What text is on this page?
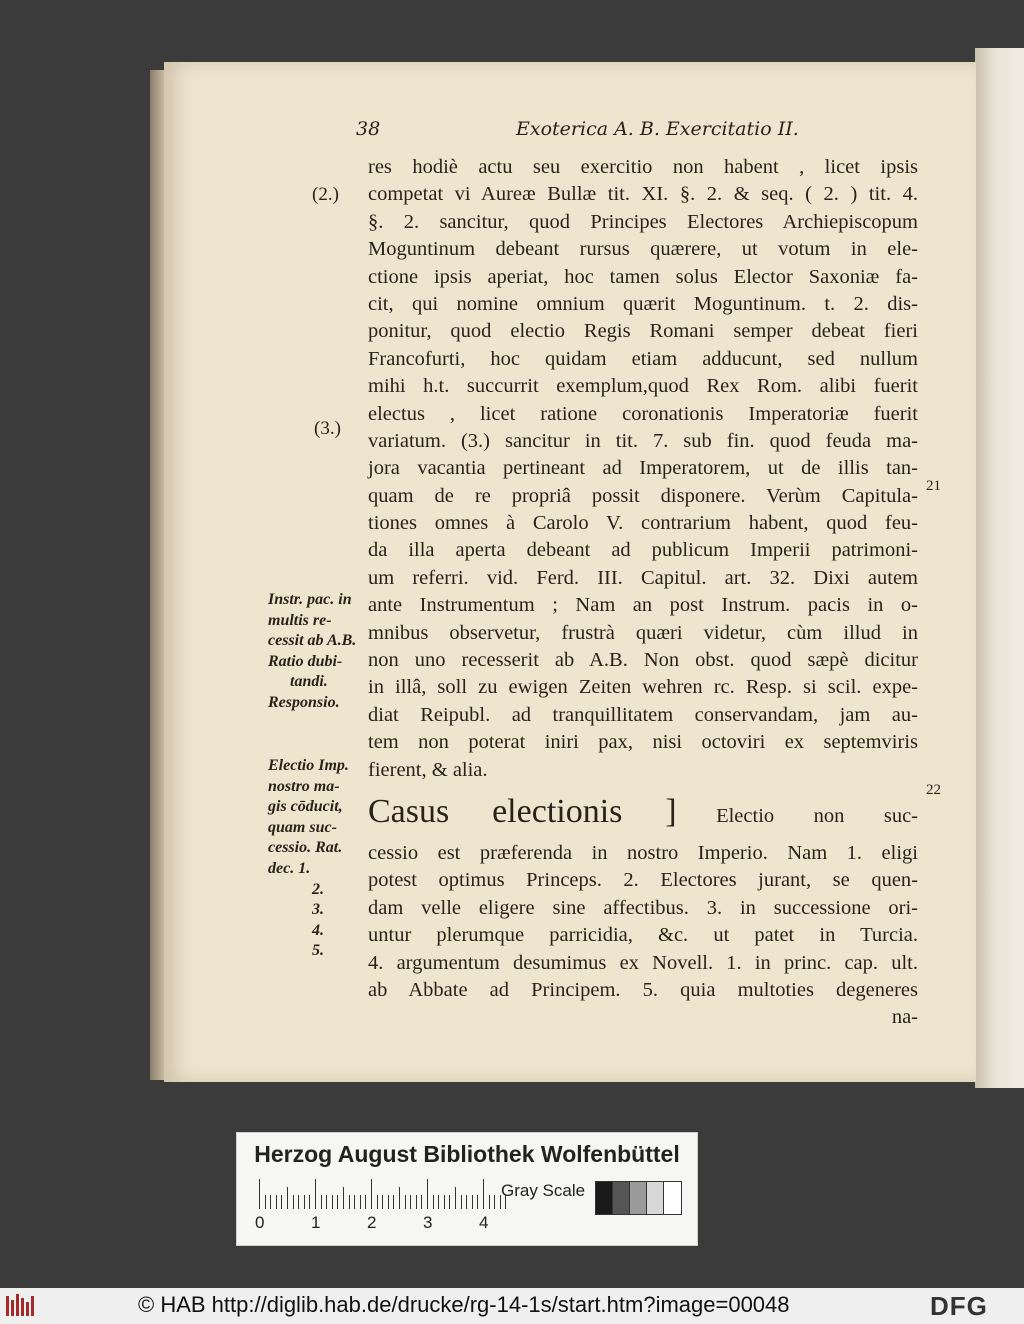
38	Exoterica A. B. Exercitatio II.
res hodiè actu seu exercitio non habent , licet ipsis
competat vi Aureæ Bullæ tit. XI. §. 2. & seq. ( 2. ) tit. 4.
§. 2. sancitur, quod Principes Electores Archiepiscopum
Moguntinum debeant rursus quærere, ut votum in ele-
ctione ipsis aperiat, hoc tamen solus Elector Saxoniæ fa-
cit, qui nomine omnium quærit Moguntinum. t. 2. dis-
ponitur, quod electio Regis Romani semper debeat fieri
Francofurti, hoc quidam etiam adducunt, sed nullum
mihi h.t. succurrit exemplum,quod Rex Rom. alibi fuerit
electus , licet ratione coronationis Imperatoriæ fuerit
variatum. (3.) sancitur in tit. 7. sub fin. quod feuda ma-
jora vacantia pertineant ad Imperatorem, ut de illis tan-
quam de re propriâ possit disponere. Verùm Capitula-
tiones omnes à Carolo V. contrarium habent, quod feu-
da illa aperta debeant ad publicum Imperii patrimoni-
um referri. vid. Ferd. III. Capitul. art. 32. Dixi autem
ante Instrumentum ; Nam an post Instrum. pacis in o-
mnibus observetur, frustrà quæri videtur, cùm illud in
non uno recesserit ab A.B. Non obst. quod sæpè dicitur
in illâ, soll zu ewigen Zeiten wehren rc. Resp. si scil. expe-
diat Reipubl. ad tranquillitatem conservandam, jam au-
tem non poterat iniri pax, nisi octoviri ex septemviris
fierent, & alia.
Casus electionis ] Electio non suc-
cessio est præferenda in nostro Imperio. Nam 1. eligi
potest optimus Princeps. 2. Electores jurant, se quen-
dam velle eligere sine affectibus. 3. in successione ori-
untur plerumque parricidia, &c. ut patet in Turcia.
4. argumentum desumimus ex Novell. 1. in princ. cap. ult.
ab Abbate ad Principem. 5. quia multoties degeneres
na-
(2.)
(3.)
Instr. pac. in
multis re-
cessit ab A.B.
Ratio dubi-
tandi.
Responsio.
Electio Imp.
nostro ma-
gis cōducit,
quam suc-
cessio. Rat.
dec. 1.
2.
3.
4.
5.
21
22
Herzog August Bibliothek Wolfenbüttel
0	1	2	3	4
Gray Scale
© HAB http://diglib.hab.de/drucke/rg-14-1s/start.htm?image=00048	DFG
